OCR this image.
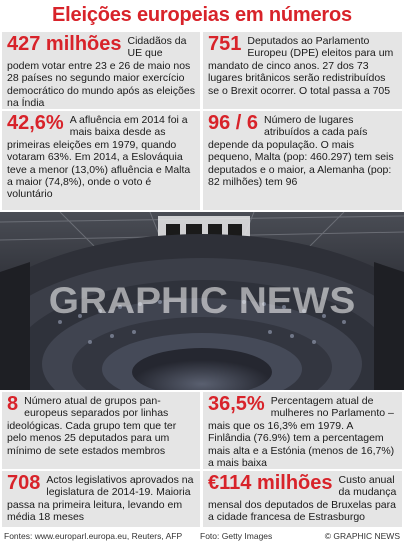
Eleições europeias em números
427 milhões Cidadãos da UE que podem votar entre 23 e 26 de maio nos 28 países no segundo maior exercício democrático do mundo após as eleições na Índia
751 Deputados ao Parlamento Europeu (DPE) eleitos para um mandato de cinco anos. 27 dos 73 lugares britânicos serão redistribuídos se o Brexit ocorrer. O total passa a 705
42,6% A afluência em 2014 foi a mais baixa desde as primeiras eleições em 1979, quando votaram 63%. Em 2014, a Eslováquia teve a menor (13,0%) afluência e Malta a maior (74,8%), onde o voto é voluntário
96 / 6 Número de lugares atribuídos a cada país depende da população. O mais pequeno, Malta (pop: 460.297) tem seis deputados e o maior, a Alemanha (pop: 82 milhões) tem 96
GRAPHIC NEWS
8 Número atual de grupos pan-europeus separados por linhas ideológicas. Cada grupo tem que ter pelo menos 25 deputados para um mínimo de sete estados membros
36,5% Percentagem atual de mulheres no Parlamento – mais que os 16,3% em 1979. A Finlândia (76.9%) tem a percentagem mais alta e a Estónia (menos de 16,7%) a mais baixa
708 Actos legislativos aprovados na legislatura de 2014-19. Maioria passa na primeira leitura, levando em média 18 meses
€114 milhões Custo anual da mudança mensal dos deputados de Bruxelas para a cidade francesa de Estrasburgo
Fontes: www.europarl.europa.eu, Reuters, AFP Foto: Getty Images	© GRAPHIC NEWS
